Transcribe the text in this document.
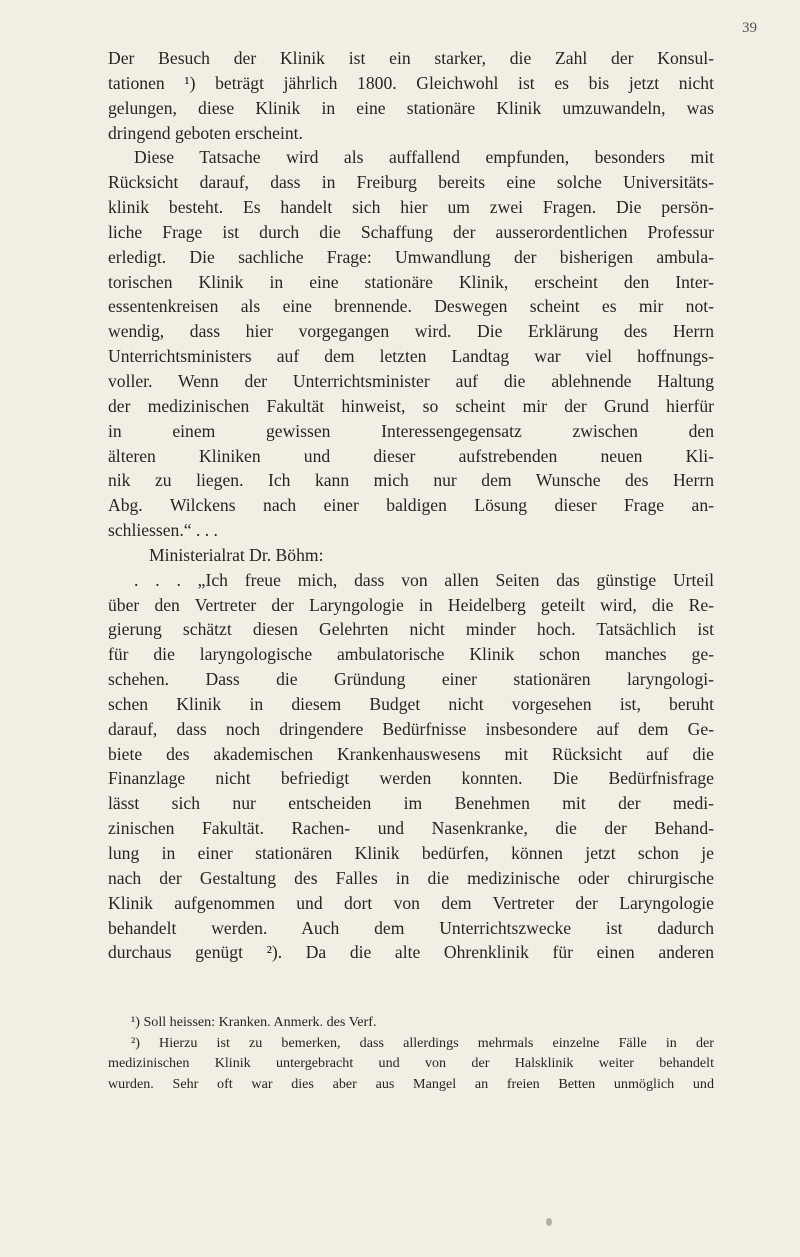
39
Der Besuch der Klinik ist ein starker, die Zahl der Konsul-
tationen ¹) beträgt jährlich 1800. Gleichwohl ist es bis jetzt nicht
gelungen, diese Klinik in eine stationäre Klinik umzuwandeln, was
dringend geboten erscheint.
Diese Tatsache wird als auffallend empfunden, besonders mit
Rücksicht darauf, dass in Freiburg bereits eine solche Universitäts-
klinik besteht. Es handelt sich hier um zwei Fragen. Die persön-
liche Frage ist durch die Schaffung der ausserordentlichen Professur
erledigt. Die sachliche Frage: Umwandlung der bisherigen ambula-
torischen Klinik in eine stationäre Klinik, erscheint den Inter-
essentenkreisen als eine brennende. Deswegen scheint es mir not-
wendig, dass hier vorgegangen wird. Die Erklärung des Herrn
Unterrichtsministers auf dem letzten Landtag war viel hoffnungs-
voller. Wenn der Unterrichtsminister auf die ablehnende Haltung
der medizinischen Fakultät hinweist, so scheint mir der Grund hierfür
in einem gewissen Interessengegensatz zwischen den
älteren Kliniken und dieser aufstrebenden neuen Kli-
nik zu liegen. Ich kann mich nur dem Wunsche des Herrn
Abg. Wilckens nach einer baldigen Lösung dieser Frage an-
schliessen.“ . . .
Ministerialrat Dr. Böhm:
. . . „Ich freue mich, dass von allen Seiten das günstige Urteil
über den Vertreter der Laryngologie in Heidelberg geteilt wird, die Re-
gierung schätzt diesen Gelehrten nicht minder hoch. Tatsächlich ist
für die laryngologische ambulatorische Klinik schon manches ge-
schehen. Dass die Gründung einer stationären laryngologi-
schen Klinik in diesem Budget nicht vorgesehen ist, beruht
darauf, dass noch dringendere Bedürfnisse insbesondere auf dem Ge-
biete des akademischen Krankenhauswesens mit Rücksicht auf die
Finanzlage nicht befriedigt werden konnten. Die Bedürfnisfrage
lässt sich nur entscheiden im Benehmen mit der medi-
zinischen Fakultät. Rachen- und Nasenkranke, die der Behand-
lung in einer stationären Klinik bedürfen, können jetzt schon je
nach der Gestaltung des Falles in die medizinische oder chirurgische
Klinik aufgenommen und dort von dem Vertreter der Laryngologie
behandelt werden. Auch dem Unterrichtszwecke ist dadurch
durchaus genügt ²). Da die alte Ohrenklinik für einen anderen
¹) Soll heissen: Kranken. Anmerk. des Verf.
²) Hierzu ist zu bemerken, dass allerdings mehrmals einzelne Fälle in der
medizinischen Klinik untergebracht und von der Halsklinik weiter behandelt
wurden. Sehr oft war dies aber aus Mangel an freien Betten unmöglich und
